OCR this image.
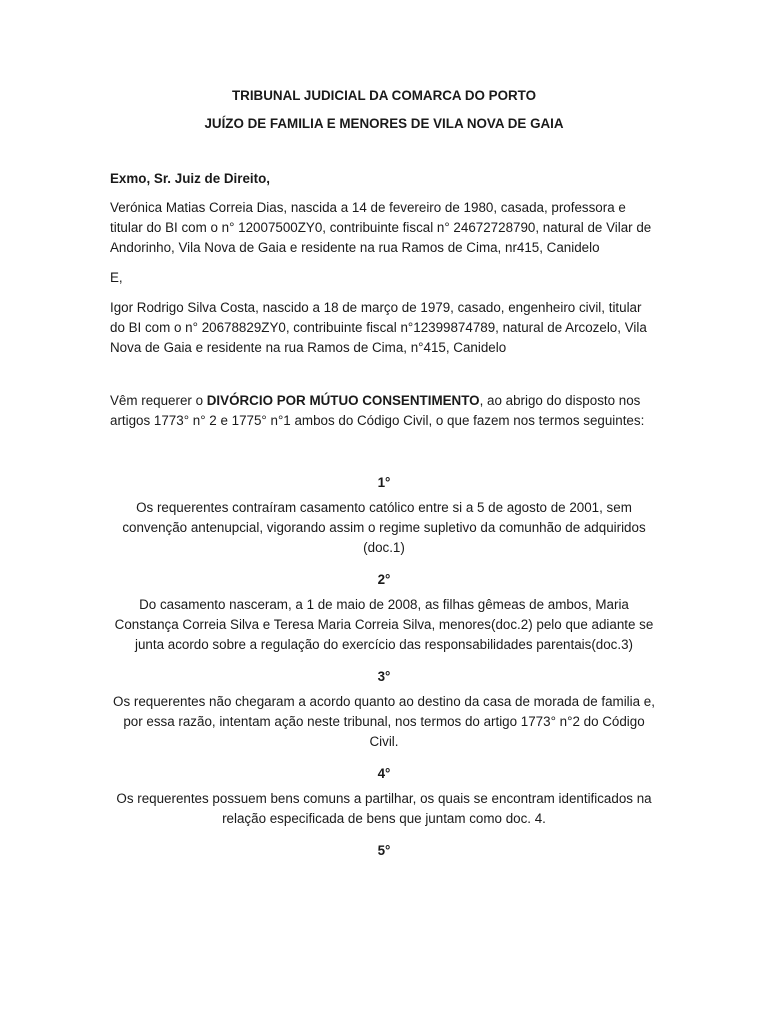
TRIBUNAL JUDICIAL DA COMARCA DO PORTO

JUÍZO DE FAMILIA E MENORES DE VILA NOVA DE GAIA

Exmo, Sr. Juiz de Direito,

Verónica Matias Correia Dias, nascida a 14 de fevereiro de 1980, casada, professora e titular do BI com o n° 12007500ZY0, contribuinte fiscal n° 24672728790, natural de Vilar de Andorinho, Vila Nova de Gaia e residente na rua Ramos de Cima, nr415, Canidelo

E,

Igor Rodrigo Silva Costa, nascido a 18 de março de 1979, casado, engenheiro civil, titular do BI com o n° 20678829ZY0, contribuinte fiscal n°12399874789, natural de Arcozelo, Vila Nova de Gaia e residente na rua Ramos de Cima, n°415, Canidelo

Vêm requerer o DIVÓRCIO POR MÚTUO CONSENTIMENTO, ao abrigo do disposto nos artigos 1773° n° 2 e 1775° n°1 ambos do Código Civil, o que fazem nos termos seguintes:

1°

Os requerentes contraíram casamento católico entre si a 5 de agosto de 2001, sem convenção antenupcial, vigorando assim o regime supletivo da comunhão de adquiridos (doc.1)

2°

Do casamento nasceram, a 1 de maio de 2008, as filhas gêmeas de ambos, Maria Constança Correia Silva e Teresa Maria Correia Silva, menores(doc.2) pelo que adiante se junta acordo sobre a regulação do exercício das responsabilidades parentais(doc.3)

3°

Os requerentes não chegaram a acordo quanto ao destino da casa de morada de familia e, por essa razão, intentam ação neste tribunal, nos termos do artigo 1773° n°2 do Código Civil.

4°

Os requerentes possuem bens comuns a partilhar, os quais se encontram identificados na relação especificada de bens que juntam como doc. 4.

5°
